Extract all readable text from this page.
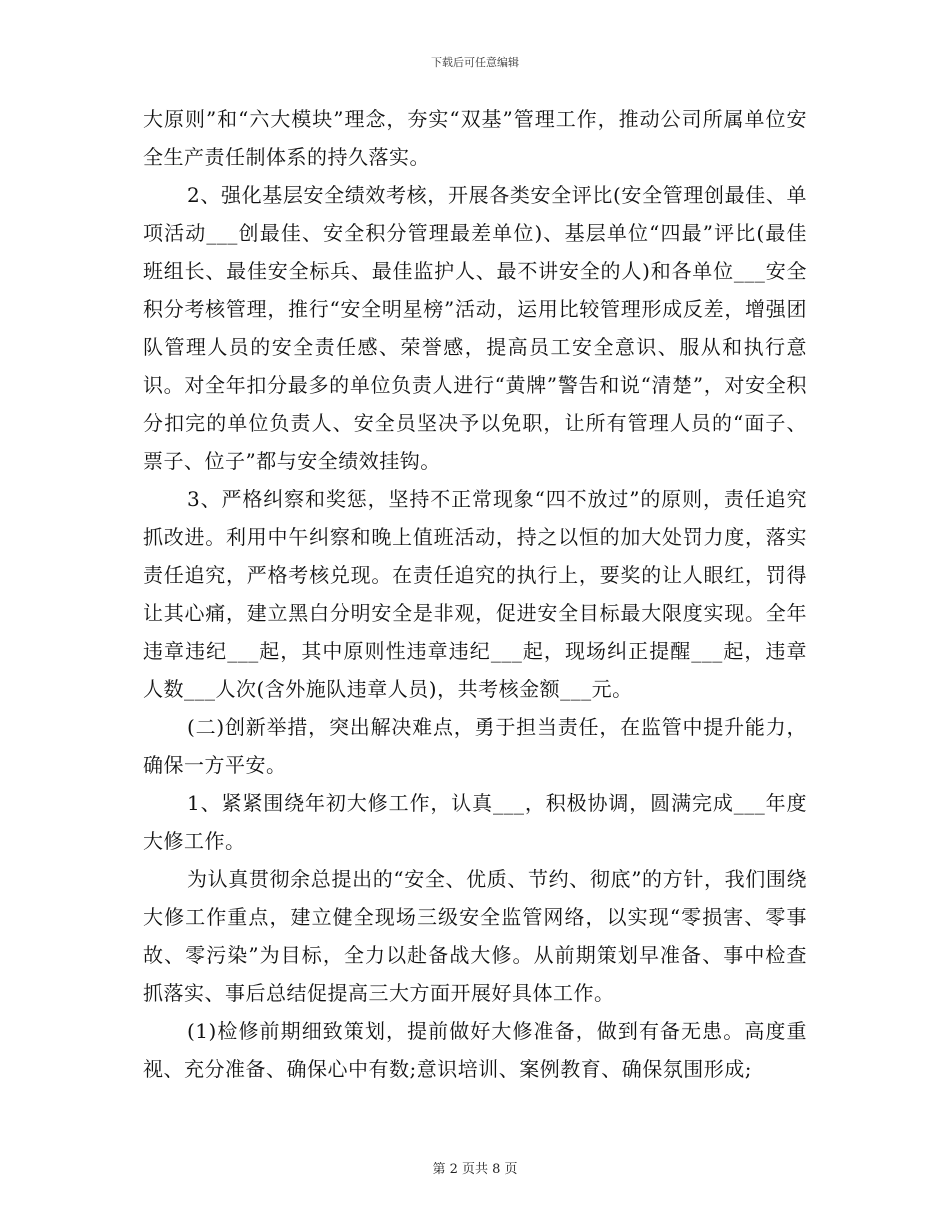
下载后可任意编辑

大原则”和“六大模块”理念，夯实“双基”管理工作，推动公司所属单位安全生产责任制体系的持久落实。

2、强化基层安全绩效考核，开展各类安全评比(安全管理创最佳、单项活动___创最佳、安全积分管理最差单位)、基层单位“四最”评比(最佳班组长、最佳安全标兵、最佳监护人、最不讲安全的人)和各单位___安全积分考核管理，推行“安全明星榜”活动，运用比较管理形成反差，增强团队管理人员的安全责任感、荣誉感，提高员工安全意识、服从和执行意识。对全年扣分最多的单位负责人进行“黄牌”警告和说“清楚”，对安全积分扣完的单位负责人、安全员坚决予以免职，让所有管理人员的“面子、票子、位子”都与安全绩效挂钩。

3、严格纠察和奖惩，坚持不正常现象“四不放过”的原则，责任追究抓改进。利用中午纠察和晚上值班活动，持之以恒的加大处罚力度，落实责任追究，严格考核兑现。在责任追究的执行上，要奖的让人眼红，罚得让其心痛，建立黑白分明安全是非观，促进安全目标最大限度实现。全年违章违纪___起，其中原则性违章违纪___起，现场纠正提醒___起，违章人数___人次(含外施队违章人员)，共考核金额___元。

(二)创新举措，突出解决难点，勇于担当责任，在监管中提升能力，确保一方平安。

1、紧紧围绕年初大修工作，认真___，积极协调，圆满完成___年度大修工作。

为认真贯彻余总提出的“安全、优质、节约、彻底”的方针，我们围绕大修工作重点，建立健全现场三级安全监管网络，以实现“零损害、零事故、零污染”为目标，全力以赴备战大修。从前期策划早准备、事中检查抓落实、事后总结促提高三大方面开展好具体工作。

(1)检修前期细致策划，提前做好大修准备，做到有备无患。高度重视、充分准备、确保心中有数;意识培训、案例教育、确保氛围形成;

第 2 页共 8 页
